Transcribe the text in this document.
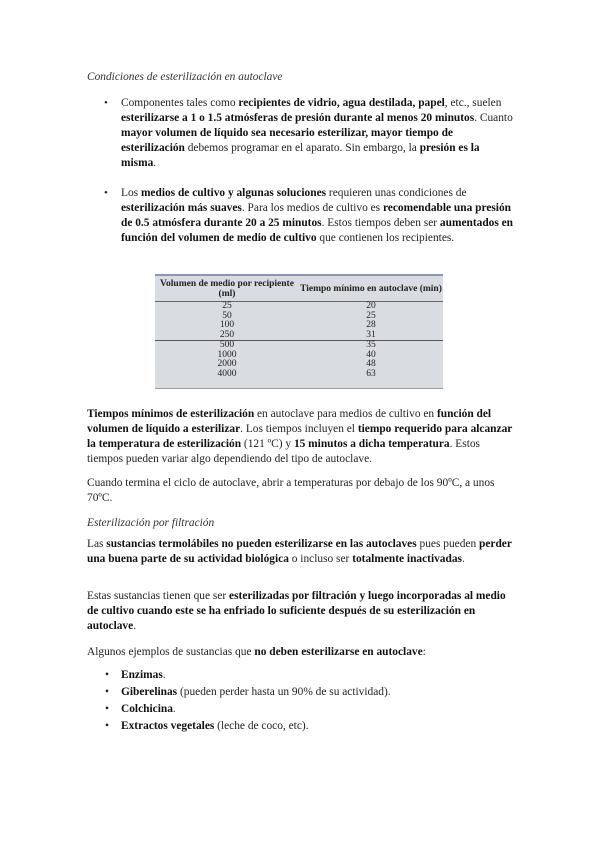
Condiciones de esterilización en autoclave
• Componentes tales como recipientes de vidrio, agua destilada, papel, etc., suelen esterilizarse a 1 o 1.5 atmósferas de presión durante al menos 20 minutos. Cuanto mayor volumen de líquido sea necesario esterilizar, mayor tiempo de esterilización debemos programar en el aparato. Sin embargo, la presión es la misma.
• Los medios de cultivo y algunas soluciones requieren unas condiciones de esterilización más suaves. Para los medios de cultivo es recomendable una presión de 0.5 atmósfera durante 20 a 25 minutos. Estos tiempos deben ser aumentados en función del volumen de medio de cultivo que contienen los recipientes.
Volumen de medio por recipiente (ml)	Tiempo mínimo en autoclave (min)
25	20
50	25
100	28
250	31
500	35
1000	40
2000	48
4000	63
Tiempos mínimos de esterilización en autoclave para medios de cultivo en función del volumen de líquido a esterilizar. Los tiempos incluyen el tiempo requerido para alcanzar la temperatura de esterilización (121 ºC) y 15 minutos a dicha temperatura. Estos tiempos pueden variar algo dependiendo del tipo de autoclave.
Cuando termina el ciclo de autoclave, abrir a temperaturas por debajo de los 90ºC, a unos 70ºC.
Esterilización por filtración
Las sustancias termolábiles no pueden esterilizarse en las autoclaves pues pueden perder una buena parte de su actividad biológica o incluso ser totalmente inactivadas.
Estas sustancias tienen que ser esterilizadas por filtración y luego incorporadas al medio de cultivo cuando este se ha enfriado lo suficiente después de su esterilización en autoclave.
Algunos ejemplos de sustancias que no deben esterilizarse en autoclave:
• Enzimas.
• Giberelinas (pueden perder hasta un 90% de su actividad).
• Colchicina.
• Extractos vegetales (leche de coco, etc).
